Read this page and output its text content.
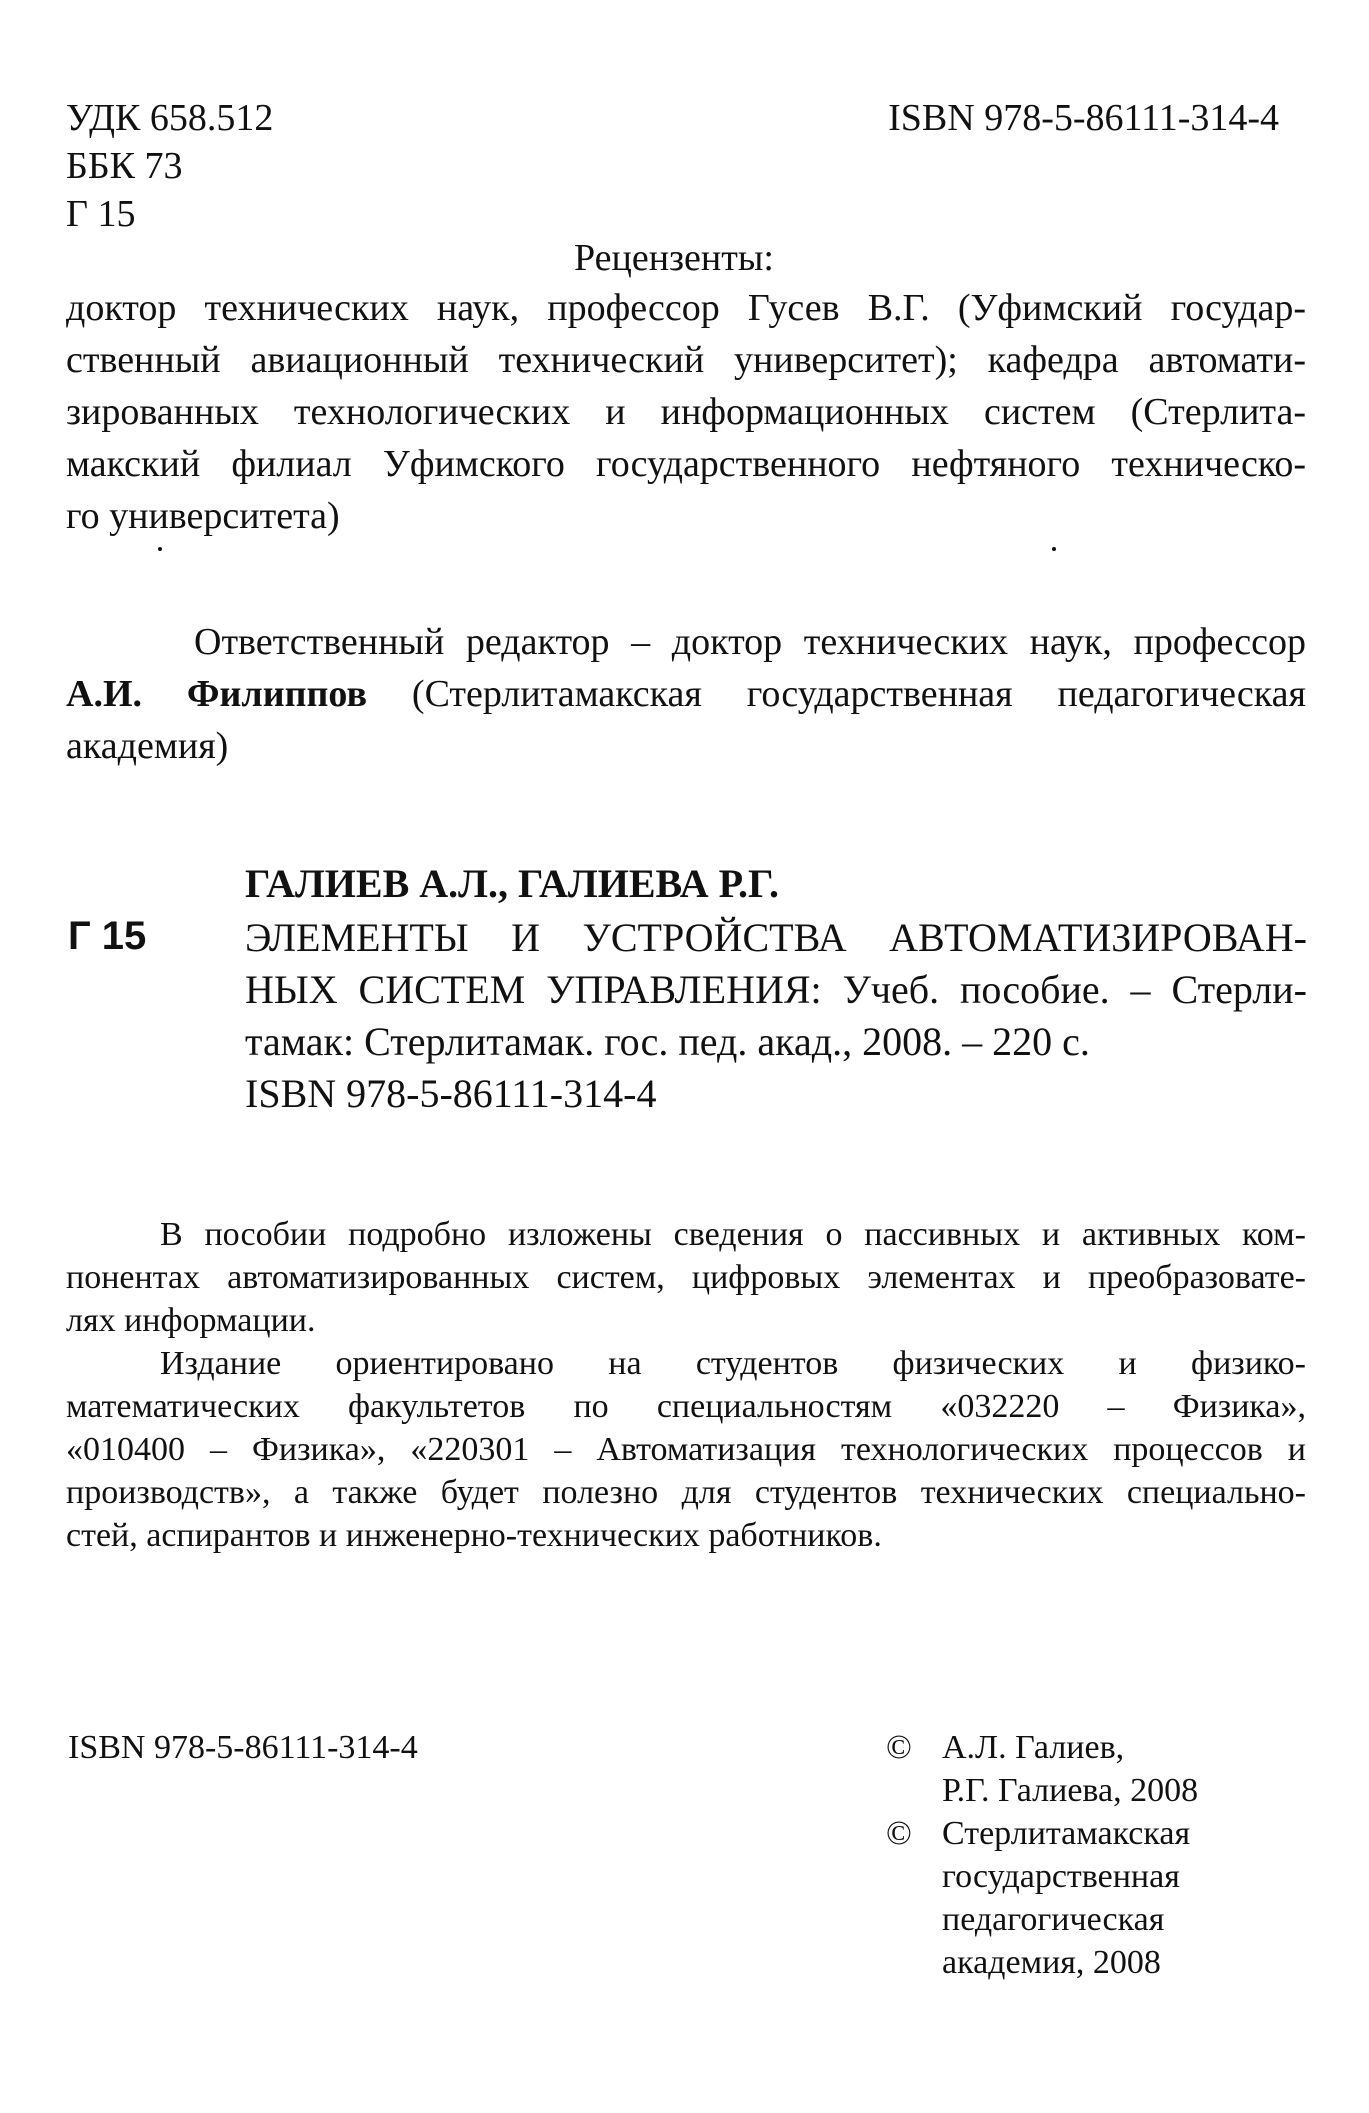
УДК 658.512
ББК 73
Г 15
ISBN 978-5-86111-314-4
Рецензенты:
доктор технических наук, профессор Гусев В.Г. (Уфимский государ-
ственный авиационный технический университет); кафедра автомати-
зированных технологических и информационных систем (Стерлита-
макский филиал Уфимского государственного нефтяного техническо-
го университета)
Ответственный редактор – доктор технических наук, профессор
А.И. Филиппов (Стерлитамакская государственная педагогическая
академия)
Г 15
ГАЛИЕВ А.Л., ГАЛИЕВА Р.Г.
ЭЛЕМЕНТЫ И УСТРОЙСТВА АВТОМАТИЗИРОВАН-
НЫХ СИСТЕМ УПРАВЛЕНИЯ: Учеб. пособие. – Стерли-
тамак: Стерлитамак. гос. пед. акад., 2008. – 220 с.
ISBN 978-5-86111-314-4
В пособии подробно изложены сведения о пассивных и активных ком-
понентах автоматизированных систем, цифровых элементах и преобразовате-
лях информации.
Издание ориентировано на студентов физических и физико-
математических факультетов по специальностям «032220 – Физика»,
«010400 – Физика», «220301 – Автоматизация технологических процессов и
производств», а также будет полезно для студентов технических специально-
стей, аспирантов и инженерно-технических работников.
ISBN 978-5-86111-314-4	© А.Л. Галиев,
Р.Г. Галиева, 2008
© Стерлитамакская
государственная
педагогическая
академия, 2008
